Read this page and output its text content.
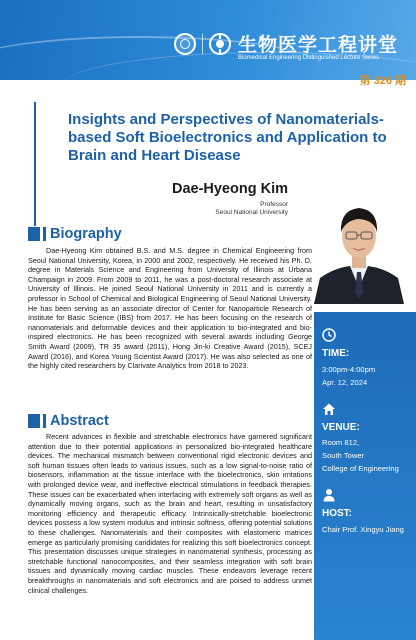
生物医学工程讲堂
Biomedical Engineering Distinguished Lecture Series
第 326 期
Insights and Perspectives of Nanomaterials-based Soft Bioelectronics and Application to Brain and Heart Disease
Dae-Hyeong Kim
Professor
Seoul National University
Biography
Dae-Hyeong Kim obtained B.S. and M.S. degree in Chemical Engineering from Seoul National University, Korea, in 2000 and 2002, respectively. He received his Ph. D. degree in Materials Science and Engineering from University of Illinois at Urbana Champaign in 2009. From 2009 to 2011, he was a post-doctoral research associate at University of Illinois. He joined Seoul National University in 2011 and is currently a professor in School of Chemical and Biological Engineering of Seoul National University. He has been serving as an associate director of Center for Nanoparticle Research of Institute for Basic Science (IBS) from 2017. He has been focusing on the research of nanomaterials and deformable devices and their application to bio-integrated and bio-inspired electronics. He has been recognized with several awards including George Smith Award (2009), TR 35 award (2011), Hong Jin-ki Creative Award (2015), SCEJ Award (2016), and Korea Young Scientist Award (2017). He was also selected as one of the highly cited researchers by Clarivate Analytics from 2018 to 2023.
Abstract
Recent advances in flexible and stretchable electronics have garnered significant attention due to their potential applications in personalized bio-integrated healthcare devices. The mechanical mismatch between conventional rigid electronic devices and soft human tissues often leads to various issues, such as a low signal-to-noise ratio of biosensors, inflammation at the tissue interface with the bioelectronics, skin irritations with prolonged device wear, and ineffective electrical stimulations in feedback therapies. These issues can be exacerbated when interfacing with extremely soft organs as well as dynamically moving organs, such as the brain and heart, resulting in unsatisfactory monitoring efficiency and therapeutic efficacy. Intrinsically-stretchable bioelectronic devices possess a low system modulus and intrinsic softness, offering potential solutions to these challenges. Nanomaterials and their composites with elastomeric matrices emerge as particularly promising candidates for realizing this soft bioelectronics concept. This presentation discusses unique strategies in nanomaterial synthesis, processing as stretchable functional nanocomposites, and their seamless integration with soft brain tissues and dynamically moving cardiac muscles. These endeavors leverage recent breakthroughs in nanomaterials and soft electronics and are poised to address unmet clinical challenges.
TIME:
3:00pm-4:00pm
Apr. 12, 2024
VENUE:
Room 812,
South Tower
College of Engineering
HOST:
Chair Prof. Xingyu Jiang
